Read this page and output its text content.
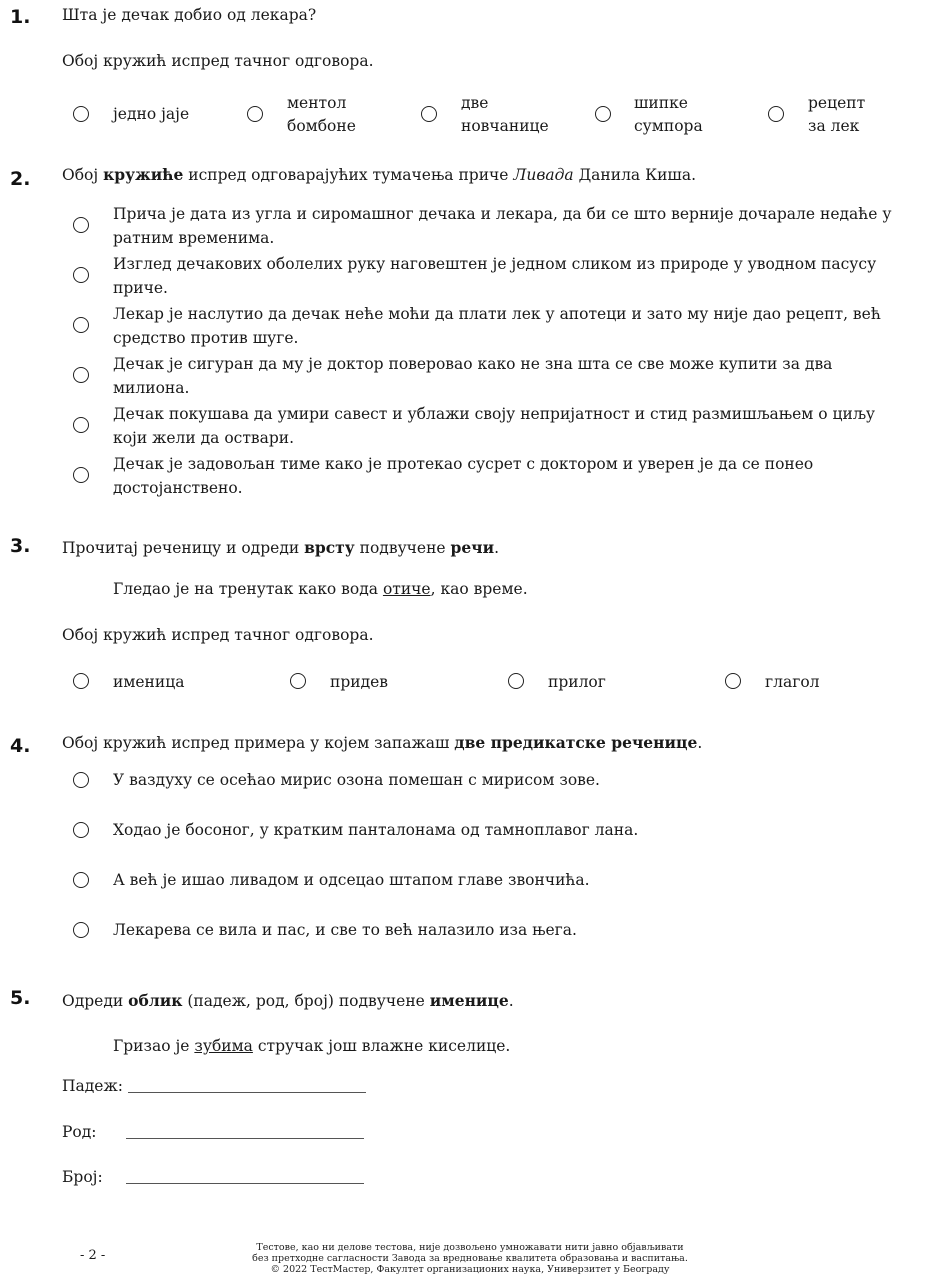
1. Шта је дечак добио од лекара?
Обој кружић испред тачног одговора.
једно јаје
ментол
бомбоне
две
новчанице
шипке
сумпора
рецепт
за лек
2. Обој кружиће испред одговарајућих тумачења приче Ливада Данила Киша.
Прича је дата из угла и сиромашног дечака и лекара, да би се што верније дочарале недаће у ратним временима.
Изглед дечакових оболелих руку наговештен је једном сликом из природе у уводном пасусу приче.
Лекар је наслутио да дечак неће моћи да плати лек у апотеци и зато му није дао рецепт, већ средство против шуге.
Дечак је сигуран да му је доктор поверовао како не зна шта се све може купити за два милиона.
Дечак покушава да умири савест и ублажи своју непријатност и стид размишљањем о циљу који жели да оствари.
Дечак је задовољан тиме како је протекао сусрет с доктором и уверен је да се понео достојанствено.
3. Прочитај реченицу и одреди врсту подвучене речи.
Гледао је на тренутак како вода отиче, као време.
Обој кружић испред тачног одговора.
именица	придев	прилог	глагол
4. Обој кружић испред примера у којем запажаш две предикатске реченице.
У ваздуху се осећао мирис озона помешан с мирисом зове.
Ходао је босоног, у кратким панталонама од тамноплавог лана.
А већ је ишао ливадом и одсецао штапом главе звончића.
Лекарева се вила и пас, и све то већ налазило иза њега.
5. Одреди облик (падеж, род, број) подвучене именице.
Гризао је зубима стручак још влажне киселице.
Падеж:
Род:
Број:
- 2 -
Тестове, као ни делове тестова, није дозвољено умножавати нити јавно објављивати
без претходне сагласности Завода за вредновање квалитета образовања и васпитања.
© 2022 ТестМастер, Факултет организационих наука, Универзитет у Београду
